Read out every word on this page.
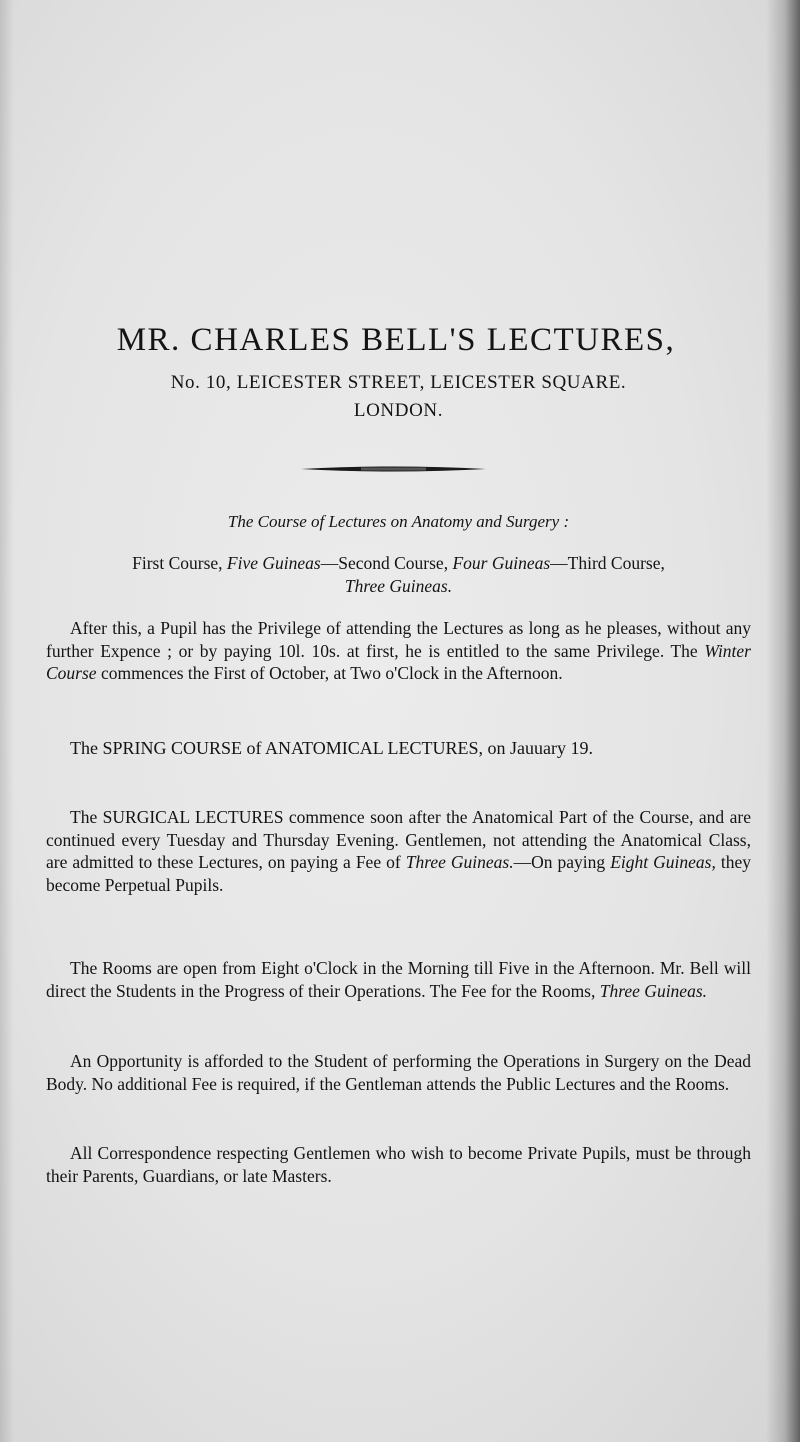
MR. CHARLES BELL'S LECTURES,
No. 10, LEICESTER STREET, LEICESTER SQUARE.
LONDON.
The Course of Lectures on Anatomy and Surgery :

First Course, Five Guineas—Second Course, Four Guineas—Third Course,
Three Guineas.

After this, a Pupil has the Privilege of attending the Lectures as long as he pleases, without any further Expence ; or by paying 10l. 10s. at first, he is entitled to the same Privilege. The Winter Course commences the First of October, at Two o'Clock in the Afternoon.

The SPRING COURSE of ANATOMICAL LECTURES, on Jauuary 19.

The SURGICAL LECTURES commence soon after the Anatomical Part of the Course, and are continued every Tuesday and Thursday Evening. Gentlemen, not attending the Anatomical Class, are admitted to these Lectures, on paying a Fee of Three Guineas.—On paying Eight Guineas, they become Perpetual Pupils.

The Rooms are open from Eight o'Clock in the Morning till Five in the Afternoon. Mr. Bell will direct the Students in the Progress of their Operations. The Fee for the Rooms, Three Guineas.

An Opportunity is afforded to the Student of performing the Operations in Surgery on the Dead Body. No additional Fee is required, if the Gentleman attends the Public Lectures and the Rooms.

All Correspondence respecting Gentlemen who wish to become Private Pupils, must be through their Parents, Guardians, or late Masters.
